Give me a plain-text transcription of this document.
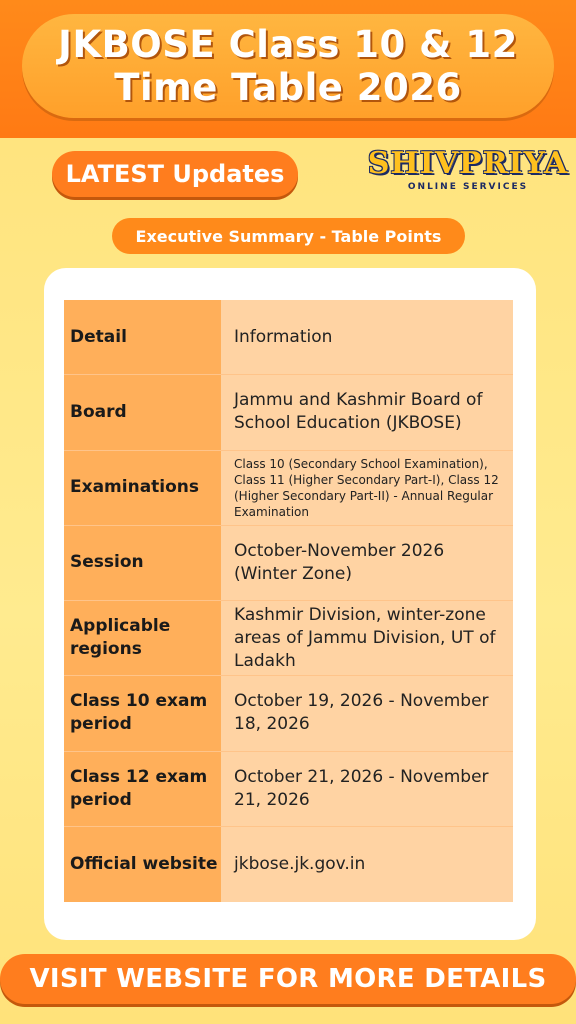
JKBOSE Class 10 & 12
Time Table 2026
LATEST Updates	SHIVPRIYA
ONLINE SERVICES
Executive Summary - Table Points
Detail	Information
Board
Jammu and Kashmir Board of School Education (JKBOSE)
Examinations
Class 10 (Secondary School Examination), Class 11 (Higher Secondary Part-I), Class 12 (Higher Secondary Part-II) - Annual Regular Examination
Session
October-November 2026 (Winter Zone)
Applicable regions
Kashmir Division, winter-zone areas of Jammu Division, UT of Ladakh
Class 10 exam period
October 19, 2026 - November 18, 2026
Class 12 exam period
October 21, 2026 - November 21, 2026
Official website jkbose.jk.gov.in
VISIT WEBSITE FOR MORE DETAILS
